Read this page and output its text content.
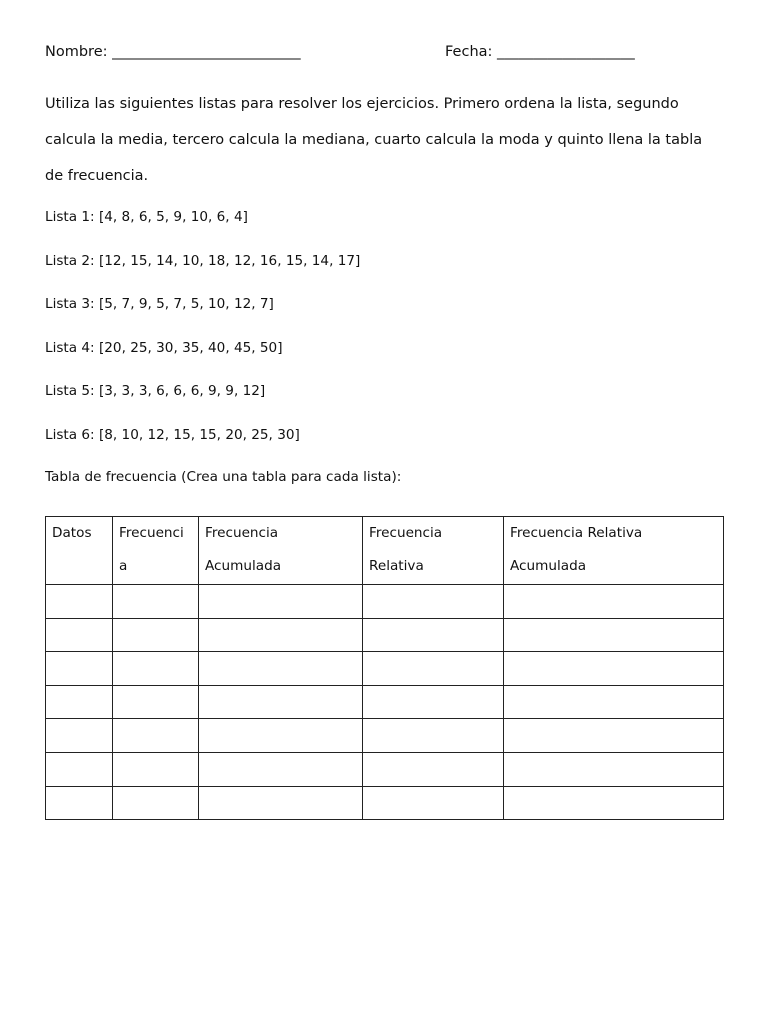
Nombre: __________________________	Fecha: ___________________

Utiliza las siguientes listas para resolver los ejercicios. Primero ordena la lista, segundo calcula la media, tercero calcula la mediana, cuarto calcula la moda y quinto llena la tabla de frecuencia.

Lista 1: [4, 8, 6, 5, 9, 10, 6, 4]
Lista 2: [12, 15, 14, 10, 18, 12, 16, 15, 14, 17]
Lista 3: [5, 7, 9, 5, 7, 5, 10, 12, 7]
Lista 4: [20, 25, 30, 35, 40, 45, 50]
Lista 5: [3, 3, 3, 6, 6, 6, 9, 9, 12]
Lista 6: [8, 10, 12, 15, 15, 20, 25, 30]
Tabla de frecuencia (Crea una tabla para cada lista):
Datos	Frecuenci a	Frecuencia Acumulada	Frecuencia Relativa	Frecuencia Relativa Acumulada
